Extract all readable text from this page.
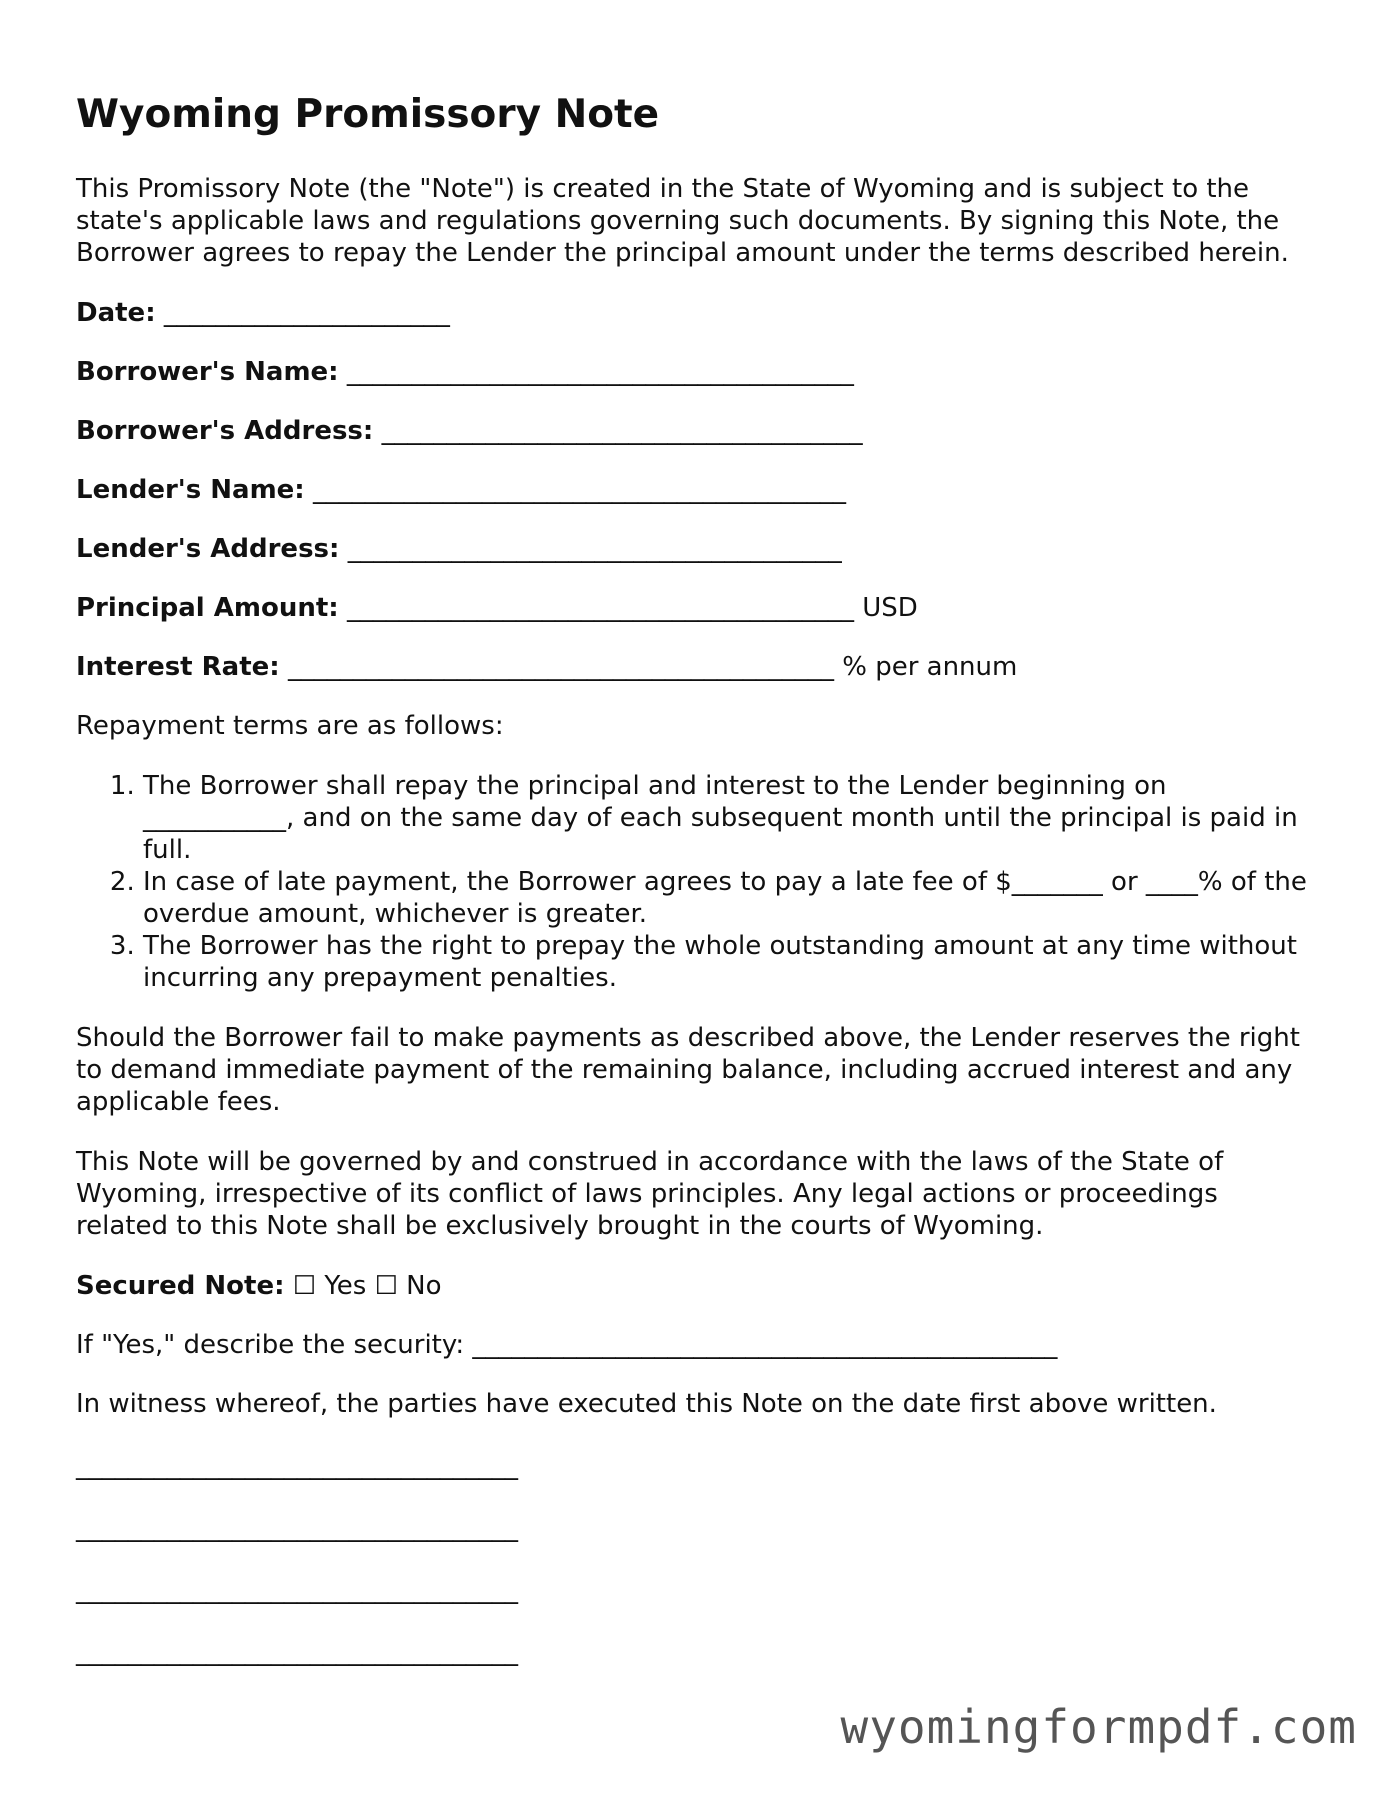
Wyoming Promissory Note

This Promissory Note (the "Note") is created in the State of Wyoming and is subject to the state's applicable laws and regulations governing such documents. By signing this Note, the Borrower agrees to repay the Lender the principal amount under the terms described herein.

Date: ______________________
Borrower's Name: _______________________________________
Borrower's Address: _____________________________________
Lender's Name: _________________________________________
Lender's Address: ______________________________________
Principal Amount: _______________________________________ USD
Interest Rate: __________________________________________ % per annum

Repayment terms are as follows:

1. The Borrower shall repay the principal and interest to the Lender beginning on ___________, and on the same day of each subsequent month until the principal is paid in full.
2. In case of late payment, the Borrower agrees to pay a late fee of $_______ or ____% of the overdue amount, whichever is greater.
3. The Borrower has the right to prepay the whole outstanding amount at any time without incurring any prepayment penalties.

Should the Borrower fail to make payments as described above, the Lender reserves the right to demand immediate payment of the remaining balance, including accrued interest and any applicable fees.

This Note will be governed by and construed in accordance with the laws of the State of Wyoming, irrespective of its conflict of laws principles. Any legal actions or proceedings related to this Note shall be exclusively brought in the courts of Wyoming.

Secured Note: ☐ Yes ☐ No
If "Yes," describe the security: _____________________________________________

In witness whereof, the parties have executed this Note on the date first above written.

__________________________________
__________________________________
__________________________________
__________________________________
wyomingformpdf.com
